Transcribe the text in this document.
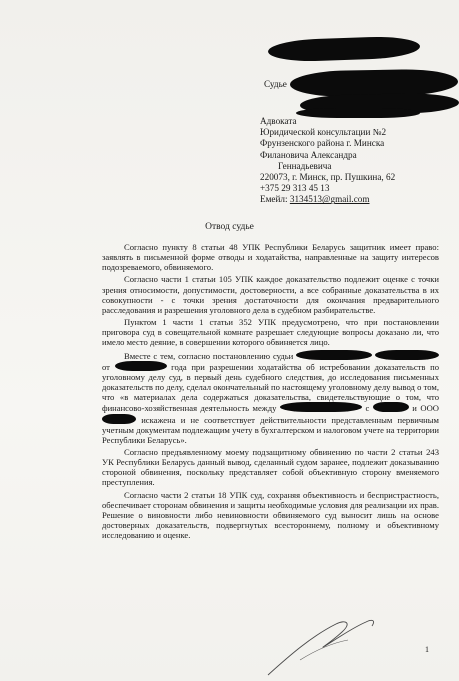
Судье
Адвоката
Юридической консультации №2
Фрунзенского района г. Минска
Филановича Александра
Геннадьевича
220073, г. Минск, пр. Пушкина, 62
+375 29 313 45 13
Емейл: 3134513@gmail.com
Отвод судье

Согласно пункту 8 статьи 48 УПК Республики Беларусь защитник имеет право: заявлять в письменной форме отводы и ходатайства, направленные на защиту интересов подозреваемого, обвиняемого.

Согласно части 1 статьи 105 УПК каждое доказательство подлежит оценке с точки зрения относимости, допустимости, достоверности, а все собранные доказательства в их совокупности - с точки зрения достаточности для окончания предварительного расследования и разрешения уголовного дела в судебном разбирательстве.

Пунктом 1 части 1 статьи 352 УПК предусмотрено, что при постановлении приговора суд в совещательной комнате разрешает следующие вопросы доказано ли, что имело место деяние, в совершении которого обвиняется лицо.

Вместе с тем, согласно постановлению судьи   от	года при разрешении ходатайства об истребовании доказательств по уголовному делу суд, в первый день судебного следствия, до исследования письменных доказательств по делу, сделал окончательный по настоящему уголовному делу вывод о том, что «в материалах дела содержаться доказательства, свидетельствующие о том, что финансово-хозяйственная деятельность между	с	и ООО  искажена и не соответствует действительности представленным первичным учетным документам подлежащим учету в бухгалтерском и налоговом учете на территории Республики Беларусь».

Согласно предъявленному моему подзащитному обвинению по части 2 статьи 243 УК Республики Беларусь данный вывод, сделанный судом заранее, подлежит доказыванию стороной обвинения, поскольку представляет собой объективную сторону вменяемого преступления.

Согласно части 2 статьи 18 УПК суд, сохраняя объективность и беспристрастность, обеспечивает сторонам обвинения и защиты необходимые условия для реализации их прав. Решение о виновности либо невиновности обвиняемого суд выносит лишь на основе достоверных доказательств, подвергнутых всестороннему, полному и объективному исследованию и оценке.

1
